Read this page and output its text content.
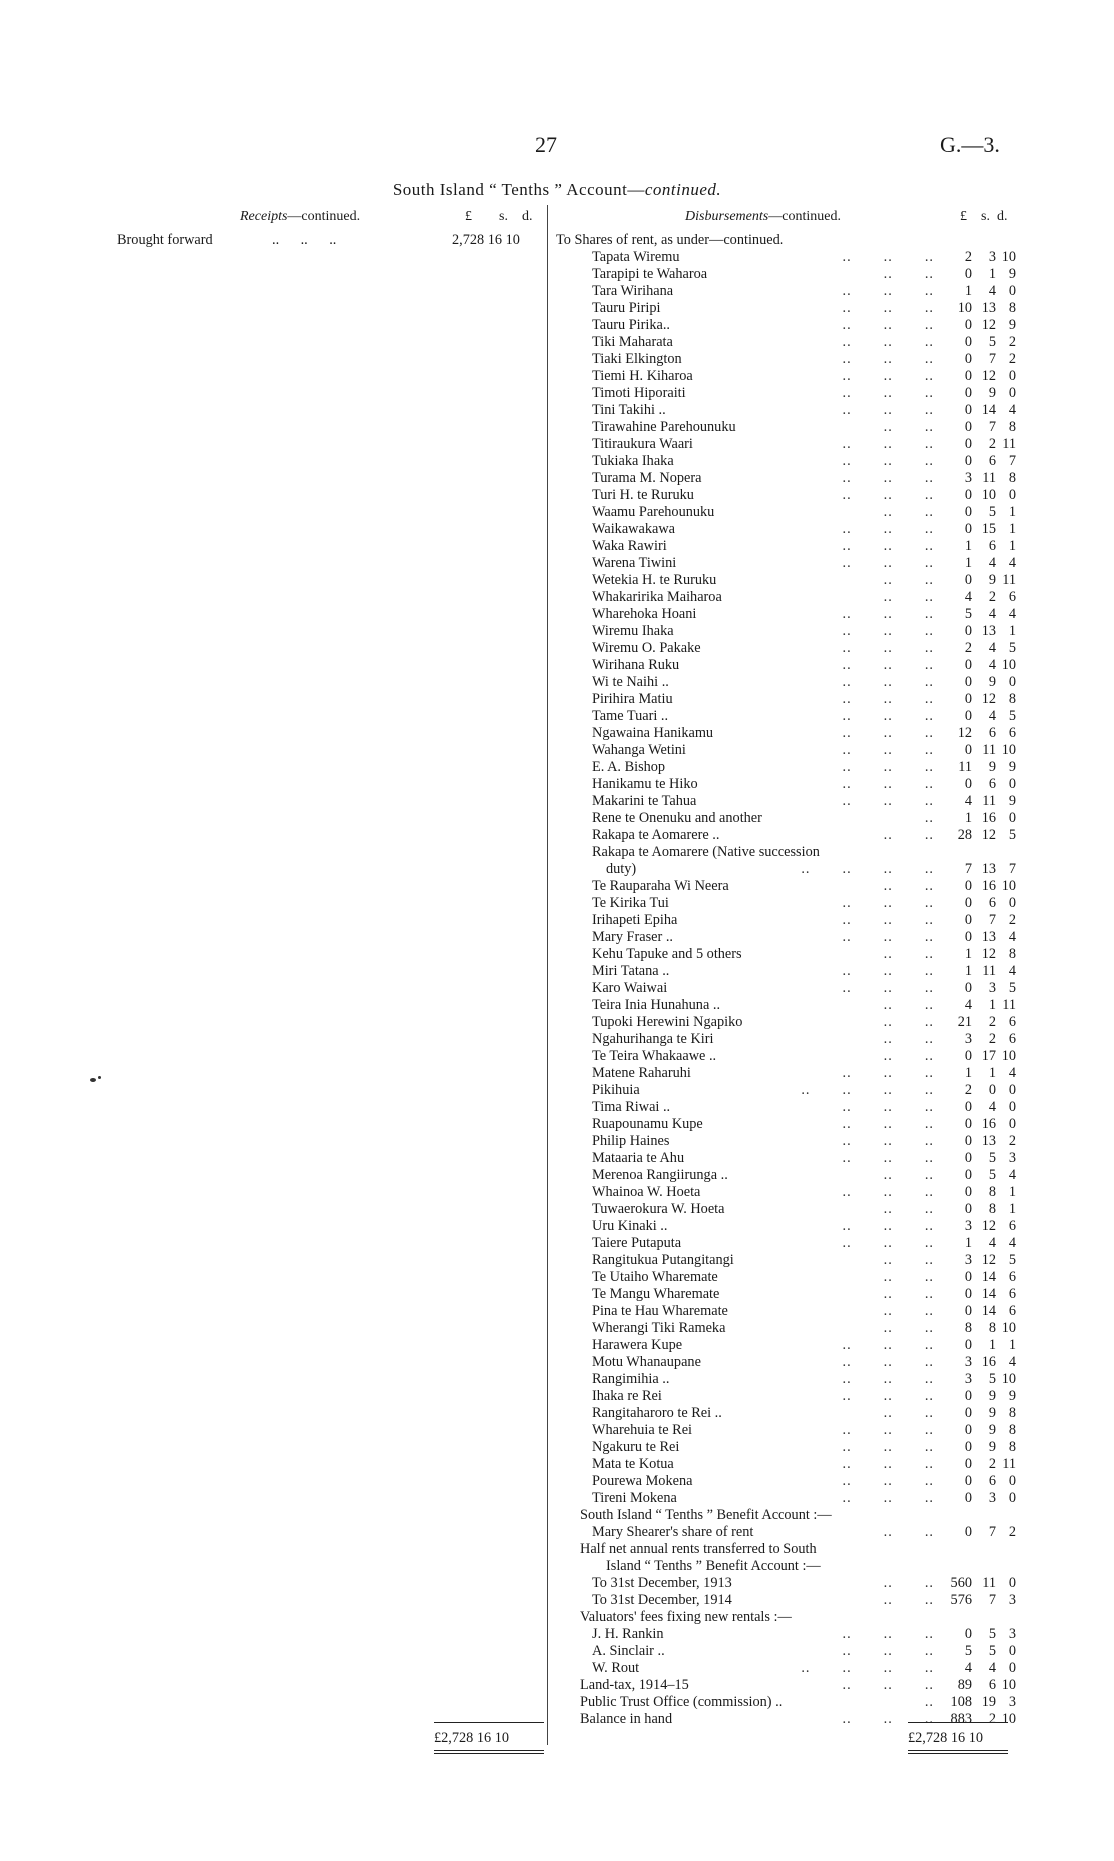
27	G.—3.
South Island “ Tenths ” Account—continued.
Receipts—continued.	£ s. d.	Disbursements—continued.	£    s.  d.
Brought forward	..      ..      ..	2,728 16 10
£2,728 16 10
To Shares of rent, as under—continued.
Tapata Wiremu	..       ..       ..	2	3 10
Tarapipi te Waharoa	..       ..	0	1 9
Tara Wirihana	..       ..       ..	1	4 0
Tauru Piripi	..       ..       ..	10 13 8
Tauru Pirika..	..       ..       ..	0 12 9
Tiki Maharata	..       ..       ..	0	5 2
Tiaki Elkington	..       ..       ..	0	7 2
Tiemi H. Kiharoa	..       ..       ..	0 12 0
Timoti Hiporaiti	..       ..       ..	0	9 0
Tini Takihi ..	..       ..       ..	0 14 4
Tirawahine Parehounuku	..       ..	0	7 8
Titiraukura Waari	..       ..       ..	0	2 11
Tukiaka Ihaka	..       ..       ..	0	6 7
Turama M. Nopera	..       ..       ..	3 11 8
Turi H. te Ruruku	..       ..       ..	0 10 0
Waamu Parehounuku	..       ..	0	5 1
Waikawakawa	..       ..       ..	0 15 1
Waka Rawiri	..       ..       ..	1	6 1
Warena Tiwini	..       ..       ..	1	4 4
Wetekia H. te Ruruku	..       ..	0	9 11
Whakaririka Maiharoa	..       ..	4	2 6
Wharehoka Hoani	..       ..       ..	5	4 4
Wiremu Ihaka	..       ..       ..	0 13 1
Wiremu O. Pakake	..       ..       ..	2	4 5
Wirihana Ruku	..       ..       ..	0	4 10
Wi te Naihi ..	..       ..       ..	0	9 0
Pirihira Matiu	..       ..       ..	0 12 8
Tame Tuari ..	..       ..       ..	0	4 5
Ngawaina Hanikamu	..       ..       ..	12	6 6
Wahanga Wetini	..       ..       ..	0 11 10
E. A. Bishop	..       ..       ..	11	9 9
Hanikamu te Hiko	..       ..       ..	0	6 0
Makarini te Tahua	..       ..       ..	4 11 9
Rene te Onenuku and another	..	1 16 0
Rakapa te Aomarere ..	..       ..	28 12 5
Rakapa te Aomarere (Native succession
duty)	..       ..       ..       ..	7 13 7
Te Rauparaha Wi Neera	..       ..	0 16 10
Te Kirika Tui	..       ..       ..	0	6 0
Irihapeti Epiha	..       ..       ..	0	7 2
Mary Fraser ..	..       ..       ..	0 13 4
Kehu Tapuke and 5 others	..       ..	1 12 8
Miri Tatana ..	..       ..       ..	1 11 4
Karo Waiwai	..       ..       ..	0	3 5
Teira Inia Hunahuna ..	..       ..	4	1 11
Tupoki Herewini Ngapiko	..       ..	21	2 6
Ngahurihanga te Kiri	..       ..	3	2 6
Te Teira Whakaawe ..	..       ..	0 17 10
Matene Raharuhi	..       ..       ..	1	1 4
Pikihuia	..       ..       ..       ..	2	0 0
Tima Riwai ..	..       ..       ..	0	4 0
Ruapounamu Kupe	..       ..       ..	0 16 0
Philip Haines	..       ..       ..	0 13 2
Mataaria te Ahu	..       ..       ..	0	5 3
Merenoa Rangiirunga ..	..       ..	0	5 4
Whainoa W. Hoeta	..       ..       ..	0	8 1
Tuwaerokura W. Hoeta	..       ..	0	8 1
Uru Kinaki ..	..       ..       ..	3 12 6
Taiere Putaputa	..       ..       ..	1	4 4
Rangitukua Putangitangi	..       ..	3 12 5
Te Utaiho Wharemate	..       ..	0 14 6
Te Mangu Wharemate	..       ..	0 14 6
Pina te Hau Wharemate	..       ..	0 14 6
Wherangi Tiki Rameka	..       ..	8	8 10
Harawera Kupe	..       ..       ..	0	1 1
Motu Whanaupane	..       ..       ..	3 16 4
Rangimihia ..	..       ..       ..	3	5 10
Ihaka re Rei	..       ..       ..	0	9 9
Rangitaharoro te Rei ..	..       ..	0	9 8
Wharehuia te Rei	..       ..       ..	0	9 8
Ngakuru te Rei	..       ..       ..	0	9 8
Mata te Kotua	..       ..       ..	0	2 11
Pourewa Mokena	..       ..       ..	0	6 0
Tireni Mokena	..       ..       ..	0	3 0
South Island “ Tenths ” Benefit Account :—
Mary Shearer's share of rent	..       ..	0	7 2
Half net annual rents transferred to South
Island “ Tenths ” Benefit Account :—
To 31st December, 1913	..       ..	560 11 0
To 31st December, 1914	..       ..	576	7 3
Valuators' fees fixing new rentals :—
J. H. Rankin	..       ..       ..	0	5 3
A. Sinclair ..	..       ..       ..	5	5 0
W. Rout	..       ..       ..       ..	4	4 0
Land-tax, 1914–15	..       ..       ..	89	6 10
Public Trust Office (commission) ..	..	108 19 3
Balance in hand	..       ..       ..	883	2 10
£2,728 16 10
